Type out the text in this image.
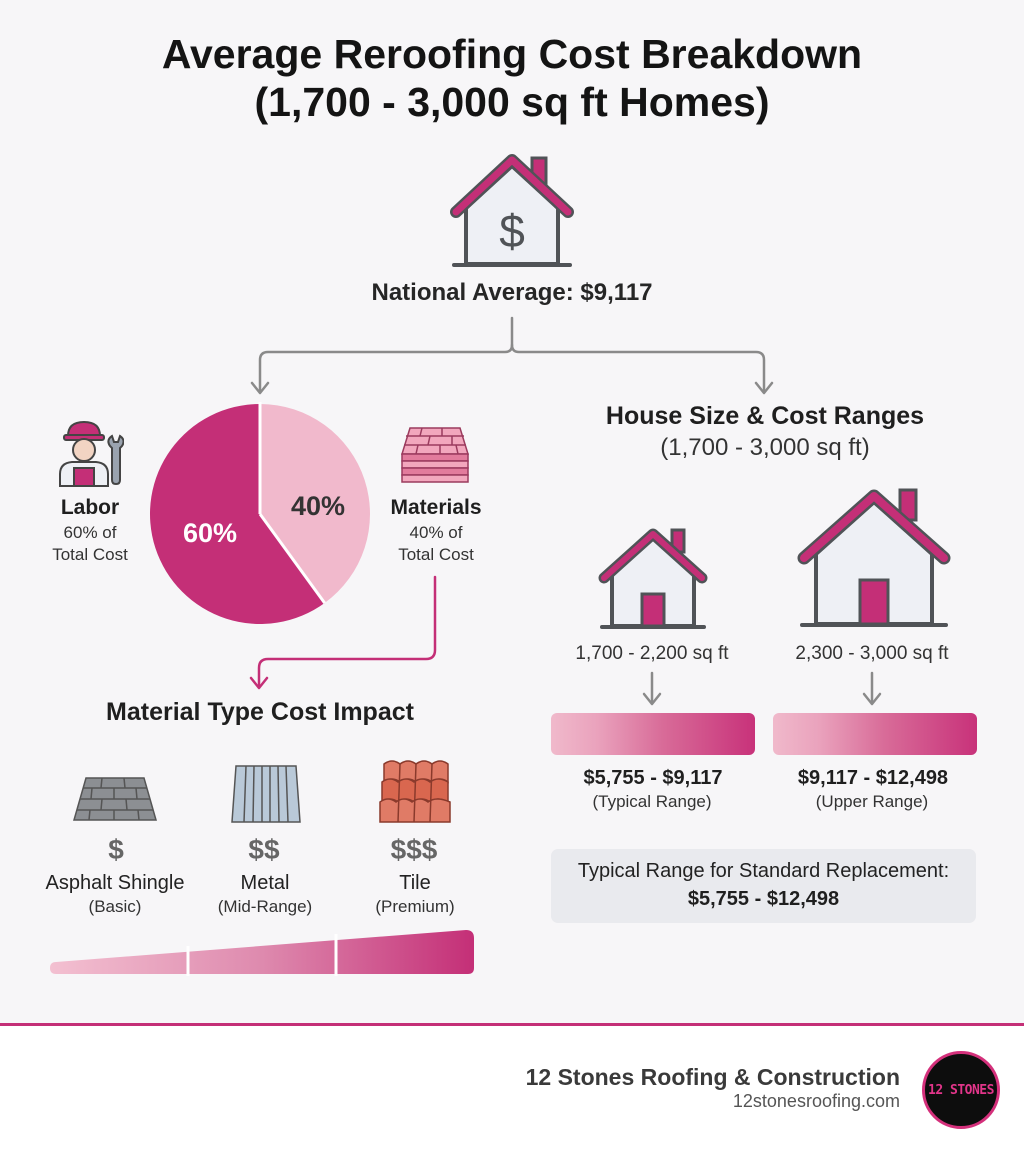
Average Reroofing Cost Breakdown
(1,700 - 3,000 sq ft Homes)
$
National Average: $9,117
Labor
60% of
Total Cost
60%
40%	Materials
40% of
Total Cost
House Size & Cost Ranges
(1,700 - 3,000 sq ft)
1,700 - 2,200 sq ft	2,300 - 3,000 sq ft
$5,755 - $9,117
(Typical Range)
$9,117 - $12,498
(Upper Range)
Typical Range for Standard Replacement:
$5,755 - $12,498
Material Type Cost Impact
$	$$	$$$
Asphalt Shingle
(Basic)
Metal
(Mid-Range)
Tile
(Premium)
12 Stones Roofing & Construction
12stonesroofing.com
12 STONES
